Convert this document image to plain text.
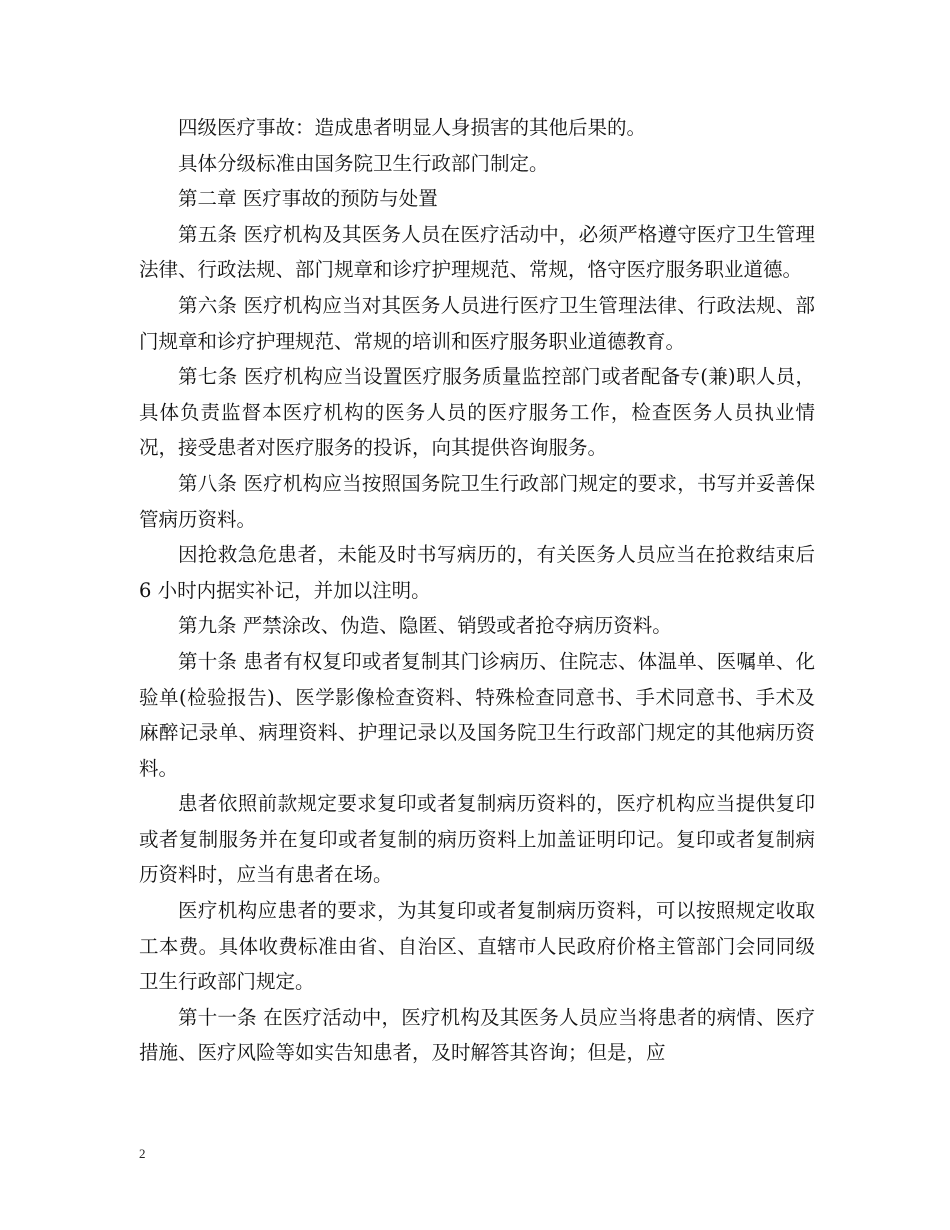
四级医疗事故：造成患者明显人身损害的其他后果的。

具体分级标准由国务院卫生行政部门制定。

第二章 医疗事故的预防与处置

第五条 医疗机构及其医务人员在医疗活动中，必须严格遵守医疗卫生管理法律、行政法规、部门规章和诊疗护理规范、常规，恪守医疗服务职业道德。

第六条 医疗机构应当对其医务人员进行医疗卫生管理法律、行政法规、部门规章和诊疗护理规范、常规的培训和医疗服务职业道德教育。

第七条 医疗机构应当设置医疗服务质量监控部门或者配备专(兼)职人员，具体负责监督本医疗机构的医务人员的医疗服务工作，检查医务人员执业情况，接受患者对医疗服务的投诉，向其提供咨询服务。

第八条 医疗机构应当按照国务院卫生行政部门规定的要求，书写并妥善保管病历资料。

因抢救急危患者，未能及时书写病历的，有关医务人员应当在抢救结束后 6 小时内据实补记，并加以注明。

第九条 严禁涂改、伪造、隐匿、销毁或者抢夺病历资料。

第十条 患者有权复印或者复制其门诊病历、住院志、体温单、医嘱单、化验单(检验报告)、医学影像检查资料、特殊检查同意书、手术同意书、手术及麻醉记录单、病理资料、护理记录以及国务院卫生行政部门规定的其他病历资料。

患者依照前款规定要求复印或者复制病历资料的，医疗机构应当提供复印或者复制服务并在复印或者复制的病历资料上加盖证明印记。复印或者复制病历资料时，应当有患者在场。

医疗机构应患者的要求，为其复印或者复制病历资料，可以按照规定收取工本费。具体收费标准由省、自治区、直辖市人民政府价格主管部门会同同级卫生行政部门规定。

第十一条 在医疗活动中，医疗机构及其医务人员应当将患者的病情、医疗措施、医疗风险等如实告知患者，及时解答其咨询；但是，应

2
